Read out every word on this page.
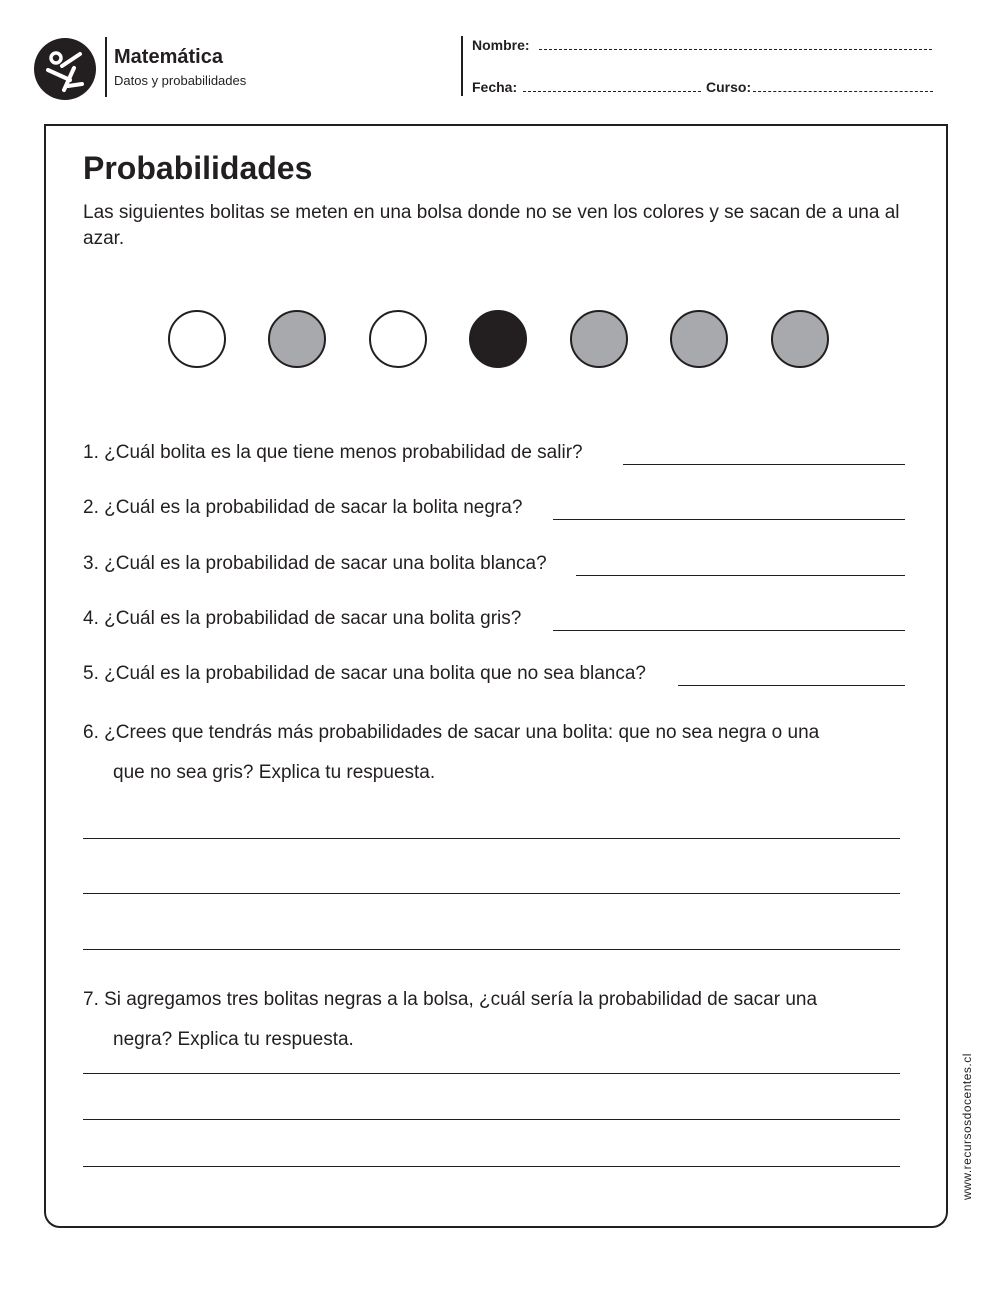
Matemática
Datos y probabilidades
Nombre:
Fecha:	Curso:
Probabilidades

Las siguientes bolitas se meten en una bolsa donde no se ven los colores y se sacan de a una al azar.

1. ¿Cuál bolita es la que tiene menos probabilidad de salir?
2. ¿Cuál es la probabilidad de sacar la bolita negra?
3. ¿Cuál es la probabilidad de sacar una bolita blanca?
4. ¿Cuál es la probabilidad de sacar una bolita gris?
5. ¿Cuál es la probabilidad de sacar una bolita que no sea blanca?
6. ¿Crees que tendrás más probabilidades de sacar una bolita: que no sea negra o una
que no sea gris? Explica tu respuesta.
7. Si agregamos tres bolitas negras a la bolsa, ¿cuál sería la probabilidad de sacar una
negra? Explica tu respuesta.
www.recursosdocentes.cl
